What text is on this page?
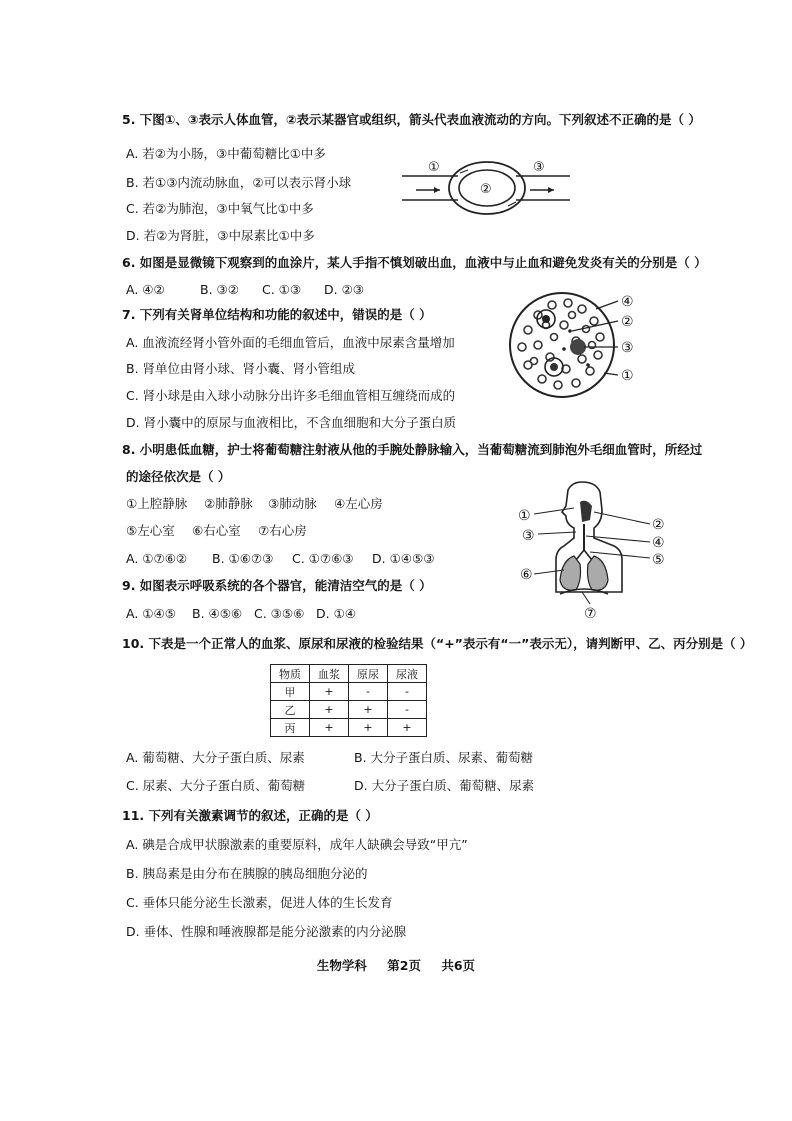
5. 下图①、③表示人体血管，②表示某器官或组织，箭头代表血液流动的方向。下列叙述不正确的是（ ）
A. 若②为小肠，③中葡萄糖比①中多
B. 若①③内流动脉血，②可以表示肾小球
C. 若②为肺泡，③中氧气比①中多
D. 若②为肾脏，③中尿素比①中多
①
②
③
6. 如图是显微镜下观察到的血涂片，某人手指不慎划破出血，血液中与止血和避免发炎有关的分别是（ ）
A. ④②	B. ③② C. ①③ D. ②③
④
②
③
①
7. 下列有关肾单位结构和功能的叙述中，错误的是（ ）
A. 血液流经肾小管外面的毛细血管后，血液中尿素含量增加
B. 肾单位由肾小球、肾小囊、肾小管组成
C. 肾小球是由入球小动脉分出许多毛细血管相互缠绕而成的
D. 肾小囊中的原尿与血液相比，不含血细胞和大分子蛋白质
8. 小明患低血糖，护士将葡萄糖注射液从他的手腕处静脉输入，当葡萄糖流到肺泡外毛细血管时，所经过
的途径依次是（ ）
①上腔静脉 ②肺静脉 ③肺动脉 ④左心房
⑤左心室 ⑥右心室 ⑦右心房
A. ①⑦⑥② B. ①⑥⑦③ C. ①⑦⑥③ D. ①④⑤③
①
②
③	④
⑤
⑥
⑦
9. 如图表示呼吸系统的各个器官，能清洁空气的是（ ）
A. ①④⑤ B. ④⑤⑥ C. ③⑤⑥ D. ①④
10. 下表是一个正常人的血浆、原尿和尿液的检验结果（“+”表示有“一”表示无），请判断甲、乙、丙分别是（ ）
物质	血浆	原尿	尿液
甲	+	-	-
乙	+	+	-
丙	+	+	+
A. 葡萄糖、大分子蛋白质、尿素	B. 大分子蛋白质、尿素、葡萄糖
C. 尿素、大分子蛋白质、葡萄糖	D. 大分子蛋白质、葡萄糖、尿素
11. 下列有关激素调节的叙述，正确的是（ ）
A. 碘是合成甲状腺激素的重要原料，成年人缺碘会导致“甲亢”
B. 胰岛素是由分布在胰腺的胰岛细胞分泌的
C. 垂体只能分泌生长激素，促进人体的生长发育
D. 垂体、性腺和唾液腺都是能分泌激素的内分泌腺
生物学科 第2页 共6页
